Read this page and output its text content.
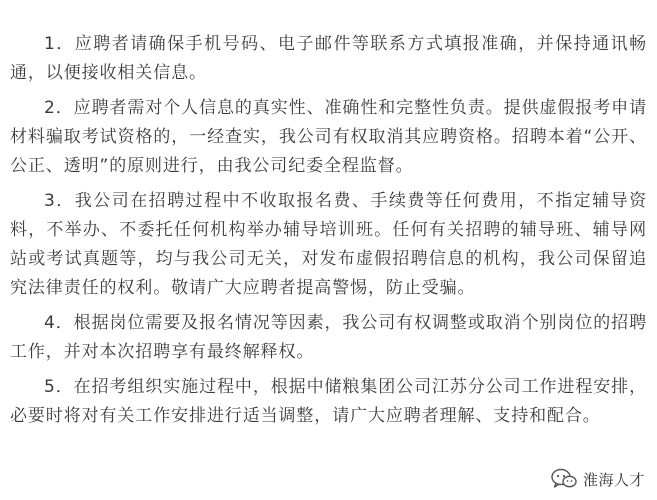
1．应聘者请确保手机号码、电子邮件等联系方式填报准确，并保持通讯畅通，以便接收相关信息。

2．应聘者需对个人信息的真实性、准确性和完整性负责。提供虚假报考申请材料骗取考试资格的，一经查实，我公司有权取消其应聘资格。招聘本着“公开、公正、透明”的原则进行，由我公司纪委全程监督。

3．我公司在招聘过程中不收取报名费、手续费等任何费用，不指定辅导资料，不举办、不委托任何机构举办辅导培训班。任何有关招聘的辅导班、辅导网站或考试真题等，均与我公司无关，对发布虚假招聘信息的机构，我公司保留追究法律责任的权利。敬请广大应聘者提高警惕，防止受骗。

4．根据岗位需要及报名情况等因素，我公司有权调整或取消个别岗位的招聘工作，并对本次招聘享有最终解释权。

5．在招考组织实施过程中，根据中储粮集团公司江苏分公司工作进程安排，必要时将对有关工作安排进行适当调整，请广大应聘者理解、支持和配合。

淮海人才
